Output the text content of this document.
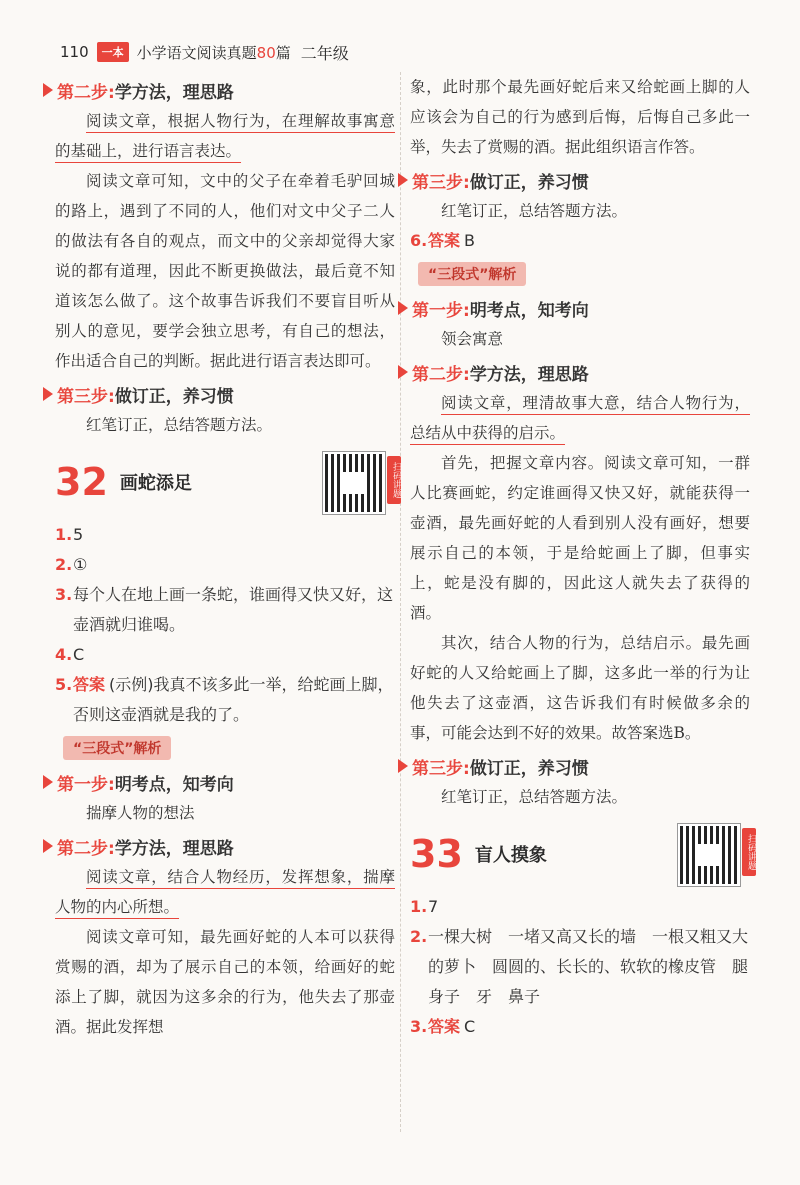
110	一本 小学语文阅读真题80篇 二年级
第二步: 学方法，理思路
阅读文章，根据人物行为，在理解故事寓意的基础上，进行语言表达。
阅读文章可知，文中的父子在牵着毛驴回城的路上，遇到了不同的人，他们对文中父子二人的做法有各自的观点，而文中的父亲却觉得大家说的都有道理，因此不断更换做法，最后竟不知道该怎么做了。这个故事告诉我们不要盲目听从别人的意见，要学会独立思考，有自己的想法，作出适合自己的判断。据此进行语言表达即可。
第三步: 做订正，养习惯
红笔订正，总结答题方法。
32 画蛇添足	扫码讲题
1. 5
2. ①
3. 每个人在地上画一条蛇，谁画得又快又好，这壶酒就归谁喝。
4. C
5. 答案 (示例)我真不该多此一举，给蛇画上脚，否则这壶酒就是我的了。
“三段式”解析
第一步: 明考点，知考向
揣摩人物的想法
第二步: 学方法，理思路
阅读文章，结合人物经历，发挥想象，揣摩人物的内心所想。
阅读文章可知，最先画好蛇的人本可以获得赏赐的酒，却为了展示自己的本领，给画好的蛇添上了脚，就因为这多余的行为，他失去了那壶酒。据此发挥想
象，此时那个最先画好蛇后来又给蛇画上脚的人应该会为自己的行为感到后悔，后悔自己多此一举，失去了赏赐的酒。据此组织语言作答。
第三步: 做订正，养习惯
红笔订正，总结答题方法。
6. 答案 B
“三段式”解析
第一步: 明考点，知考向
领会寓意
第二步: 学方法，理思路
阅读文章，理清故事大意，结合人物行为，总结从中获得的启示。
首先，把握文章内容。阅读文章可知，一群人比赛画蛇，约定谁画得又快又好，就能获得一壶酒，最先画好蛇的人看到别人没有画好，想要展示自己的本领，于是给蛇画上了脚，但事实上，蛇是没有脚的，因此这人就失去了获得的酒。
其次，结合人物的行为，总结启示。最先画好蛇的人又给蛇画上了脚，这多此一举的行为让他失去了这壶酒，这告诉我们有时候做多余的事，可能会达到不好的效果。故答案选B。
第三步: 做订正，养习惯
红笔订正，总结答题方法。
33 盲人摸象	扫码讲题
1. 7
2. 一棵大树　一堵又高又长的墙　一根又粗又大的萝卜　圆圆的、长长的、软软的橡皮管　腿　身子　牙　鼻子
3. 答案 C
